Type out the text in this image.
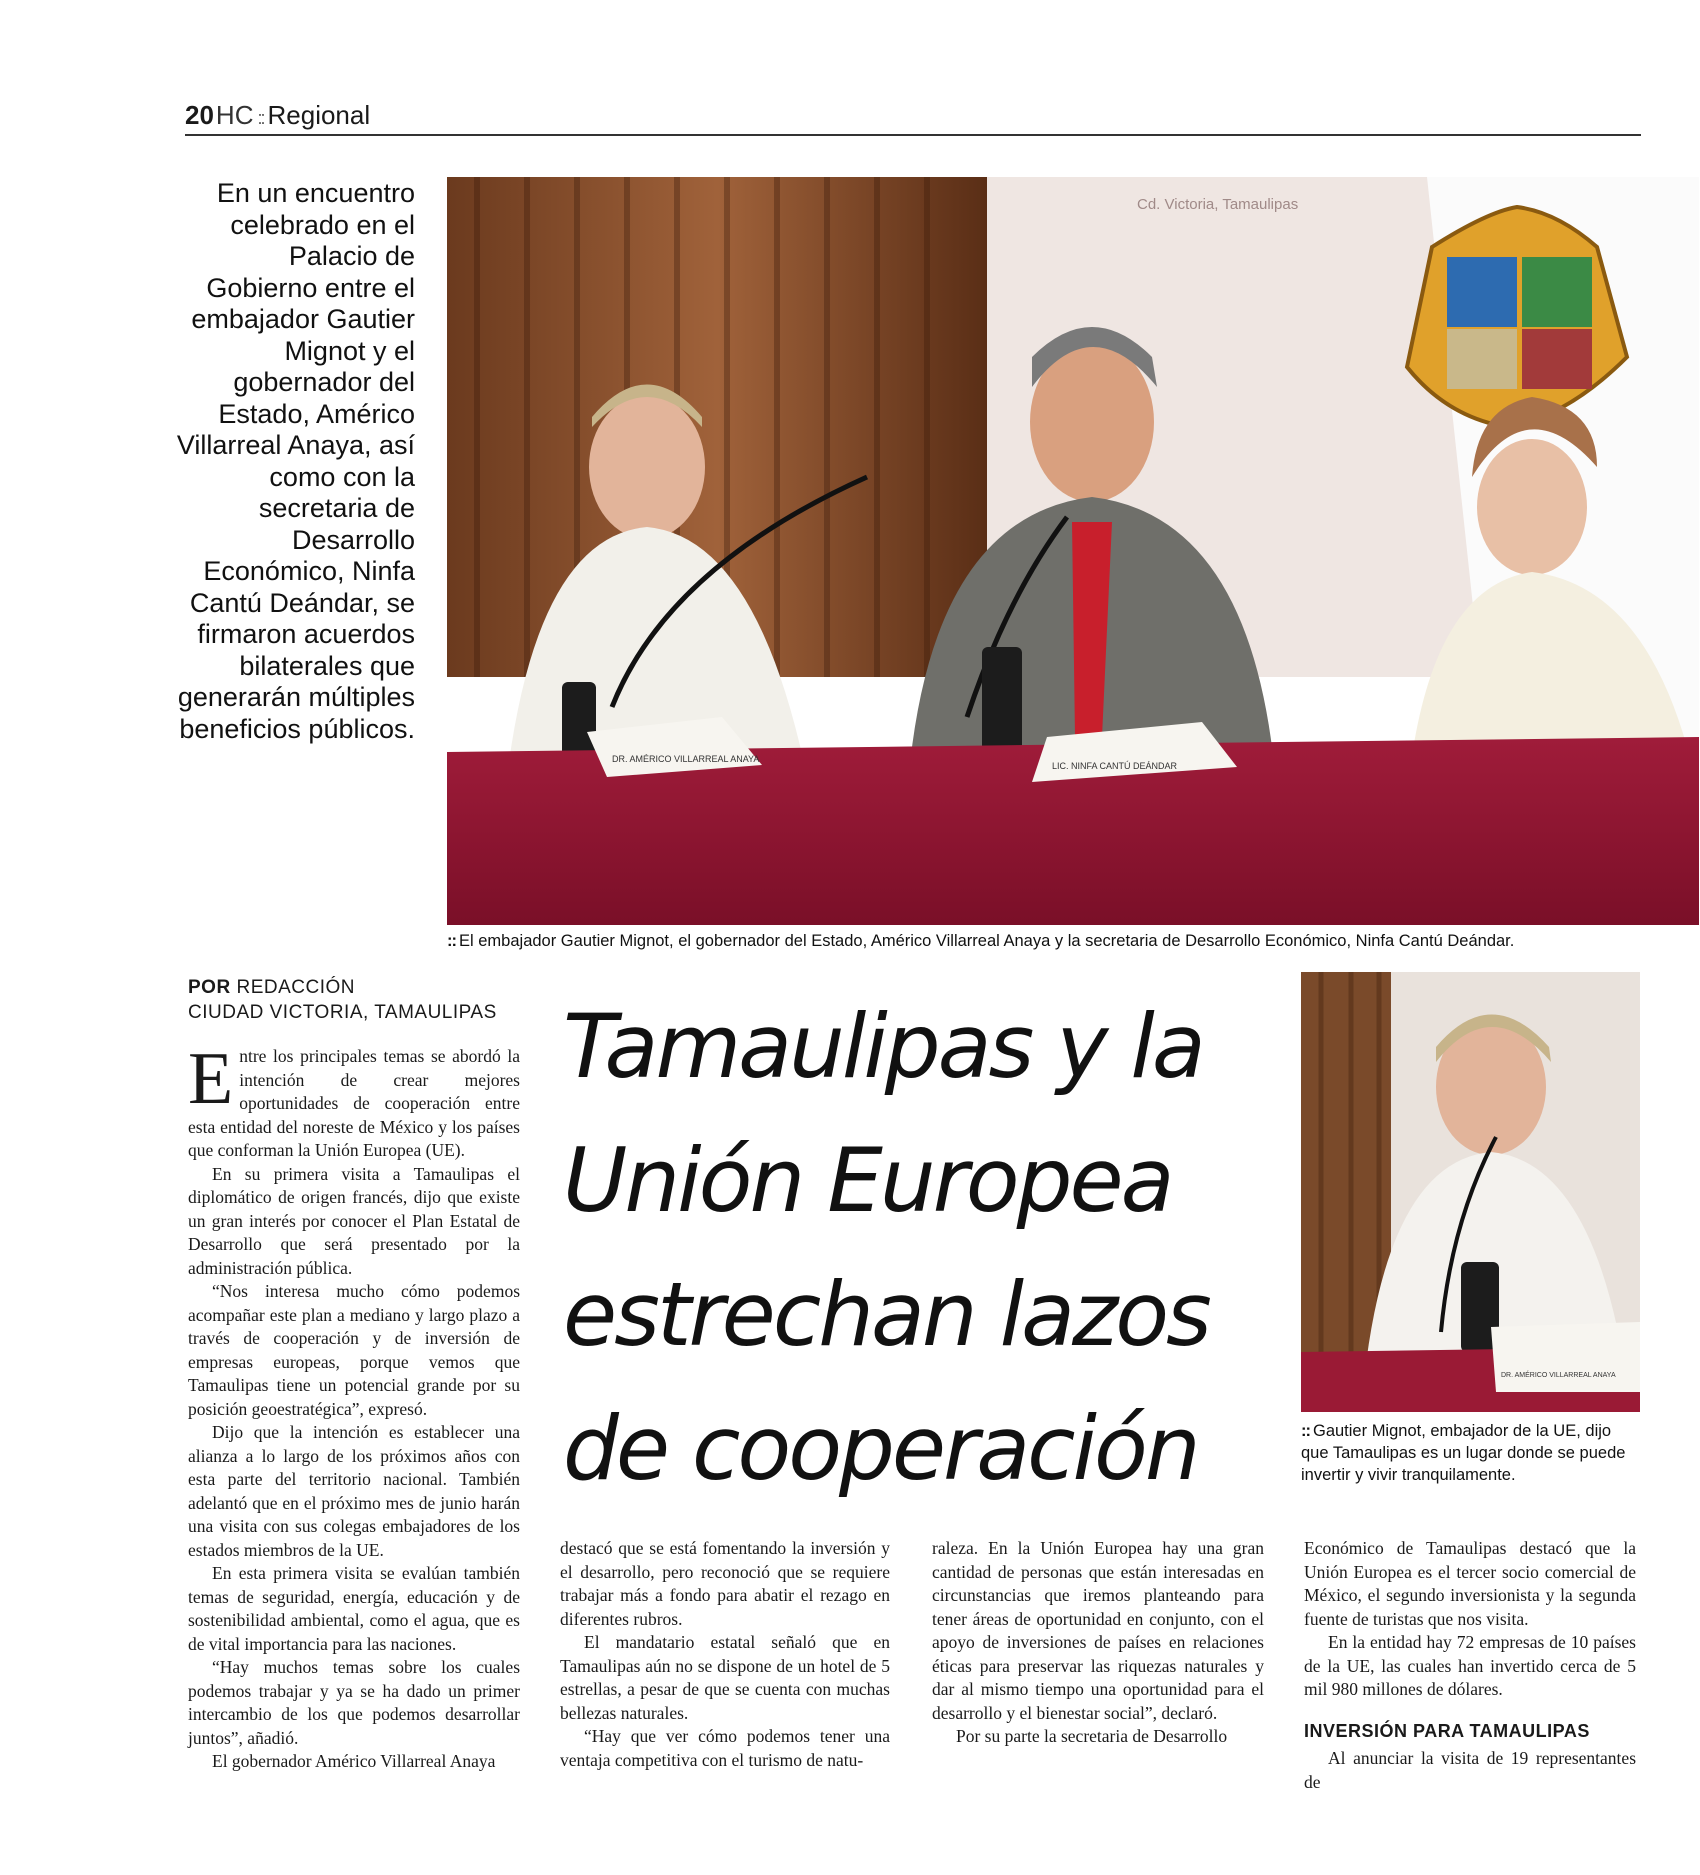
20HC :: Regional
En un encuentro celebrado en el Palacio de Gobierno entre el embajador Gautier Mignot y el gobernador del Estado, Américo Villarreal Anaya, así como con la secretaria de Desarrollo Económico, Ninfa Cantú Deándar, se firmaron acuerdos bilaterales que generarán múltiples beneficios públicos.
Cd. Victoria, Tamaulipas
DR. AMÉRICO VILLARREAL ANAYA
LIC. NINFA CANTÚ DEÁNDAR
:: El embajador Gautier Mignot, el gobernador del Estado, Américo Villarreal Anaya y la secretaria de Desarrollo Económico, Ninfa Cantú Deándar.
POR REDACCIÓN
CIUDAD VICTORIA, TAMAULIPAS Tamaulipas y la
Unión Europea
estrechan lazos
de cooperación
DR. AMÉRICO VILLARREAL ANAYA
:: Gautier Mignot, embajador de la UE, dijo que Tamaulipas es un lugar donde se puede invertir y vivir tranquilamente.

Entre los principales temas se abordó la intención de crear mejores oportunidades de cooperación entre esta entidad del noreste de México y los países que conforman la Unión Europea (UE).

En su primera visita a Tamaulipas el diplomático de origen francés, dijo que existe un gran interés por conocer el Plan Estatal de Desarrollo que será presentado por la administración pública.

“Nos interesa mucho cómo podemos acompañar este plan a mediano y largo plazo a través de cooperación y de inversión de empresas europeas, porque vemos que Tamaulipas tiene un potencial grande por su posición geoestratégica”, expresó.

Dijo que la intención es establecer una alianza a lo largo de los próximos años con esta parte del territorio nacional. También adelantó que en el próximo mes de junio harán una visita con sus colegas embajadores de los estados miembros de la UE.

En esta primera visita se evalúan también temas de seguridad, energía, educación y de sostenibilidad ambiental, como el agua, que es de vital importancia para las naciones.

“Hay muchos temas sobre los cuales podemos trabajar y ya se ha dado un primer intercambio de los que podemos desarrollar juntos”, añadió.

El gobernador Américo Villarreal Anaya

destacó que se está fomentando la inversión y el desarrollo, pero reconoció que se requiere trabajar más a fondo para abatir el rezago en diferentes rubros.

El mandatario estatal señaló que en Tamaulipas aún no se dispone de un hotel de 5 estrellas, a pesar de que se cuenta con muchas bellezas naturales.

“Hay que ver cómo podemos tener una ventaja competitiva con el turismo de natu-

raleza. En la Unión Europea hay una gran cantidad de personas que están interesadas en circunstancias que iremos planteando para tener áreas de oportunidad en conjunto, con el apoyo de inversiones de países en relaciones éticas para preservar las riquezas naturales y dar al mismo tiempo una oportunidad para el desarrollo y el bienestar social”, declaró.

Por su parte la secretaria de Desarrollo

Económico de Tamaulipas destacó que la Unión Europea es el tercer socio comercial de México, el segundo inversionista y la segunda fuente de turistas que nos visita.

En la entidad hay 72 empresas de 10 países de la UE, las cuales han invertido cerca de 5 mil 980 millones de dólares.

INVERSIÓN PARA TAMAULIPAS

Al anunciar la visita de 19 representantes de
